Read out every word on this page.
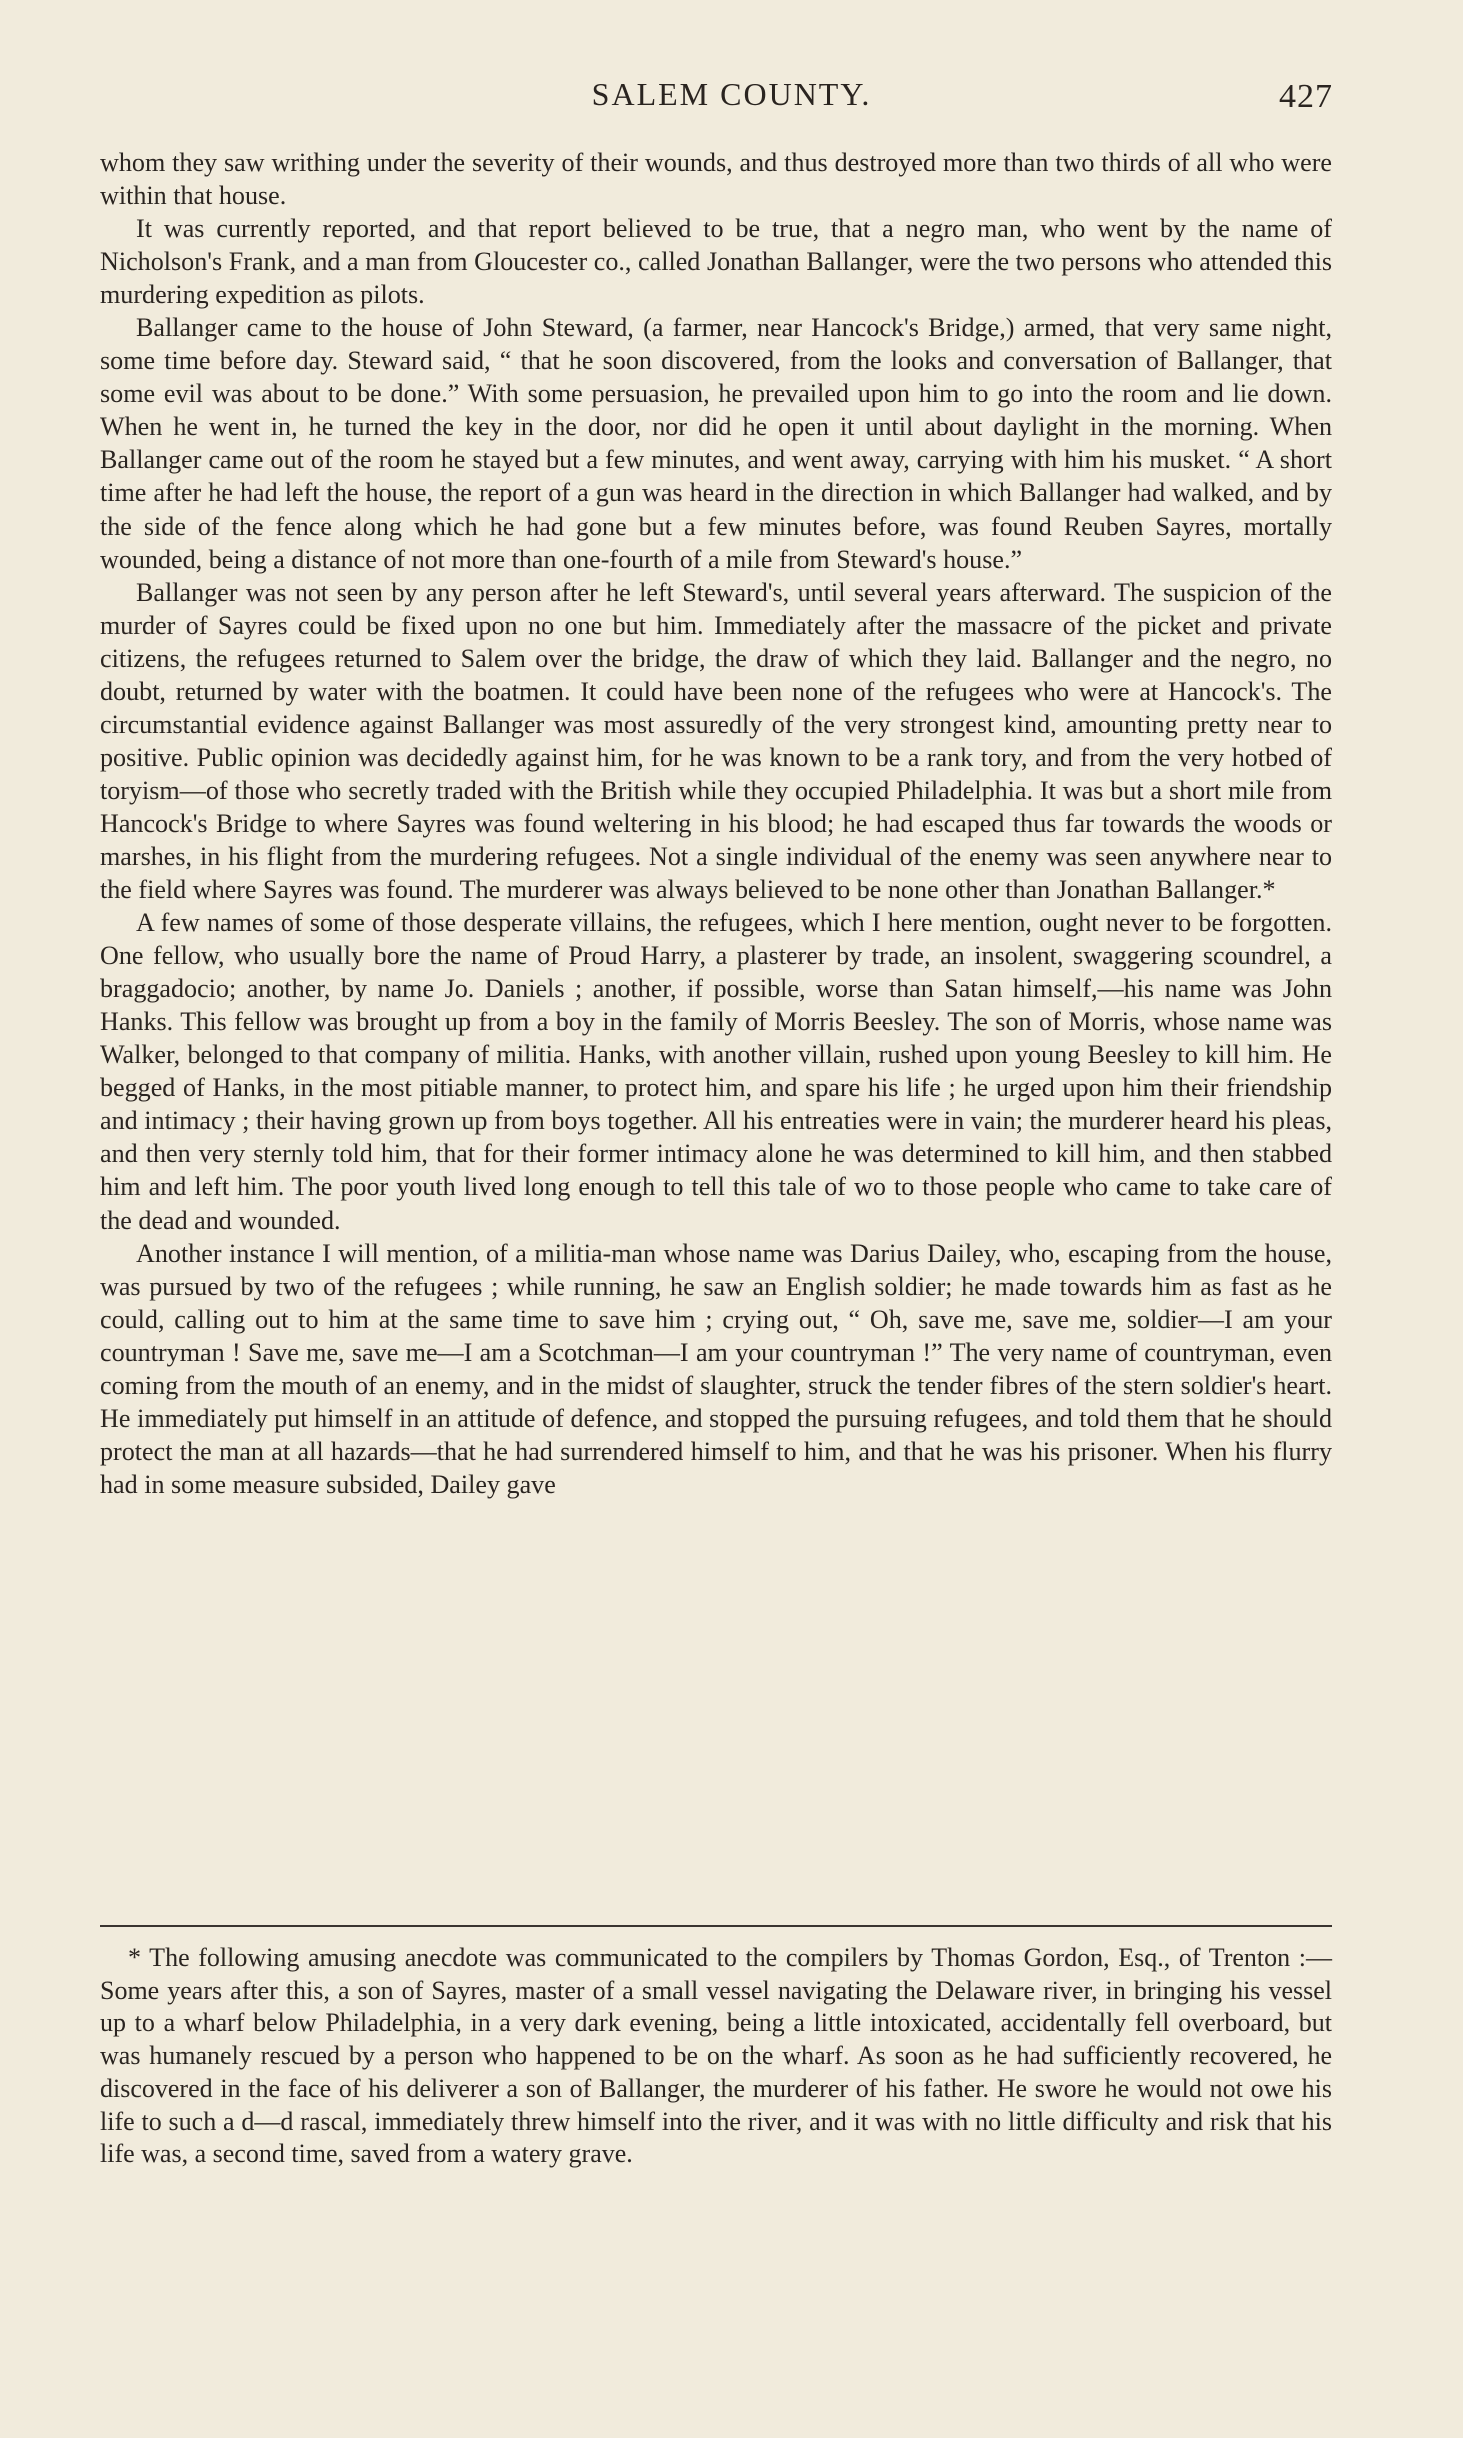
SALEM COUNTY.	427

whom they saw writhing under the severity of their wounds, and thus destroyed more than two thirds of all who were within that house.

It was currently reported, and that report believed to be true, that a negro man, who went by the name of Nicholson's Frank, and a man from Gloucester co., called Jonathan Ballanger, were the two persons who attended this murdering expedition as pilots.

Ballanger came to the house of John Steward, (a farmer, near Hancock's Bridge,) armed, that very same night, some time before day. Steward said, “ that he soon discovered, from the looks and conversation of Ballanger, that some evil was about to be done.” With some persuasion, he prevailed upon him to go into the room and lie down. When he went in, he turned the key in the door, nor did he open it until about daylight in the morning. When Ballanger came out of the room he stayed but a few minutes, and went away, carrying with him his musket. “ A short time after he had left the house, the report of a gun was heard in the direction in which Ballanger had walked, and by the side of the fence along which he had gone but a few minutes before, was found Reuben Sayres, mortally wounded, being a distance of not more than one-fourth of a mile from Steward's house.”

Ballanger was not seen by any person after he left Steward's, until several years afterward. The suspicion of the murder of Sayres could be fixed upon no one but him. Immediately after the massacre of the picket and private citizens, the refugees returned to Salem over the bridge, the draw of which they laid. Ballanger and the negro, no doubt, returned by water with the boatmen. It could have been none of the refugees who were at Hancock's. The circumstantial evidence against Ballanger was most assuredly of the very strongest kind, amounting pretty near to positive. Public opinion was decidedly against him, for he was known to be a rank tory, and from the very hotbed of toryism—of those who secretly traded with the British while they occupied Philadelphia. It was but a short mile from Hancock's Bridge to where Sayres was found weltering in his blood; he had escaped thus far towards the woods or marshes, in his flight from the murdering refugees. Not a single individual of the enemy was seen anywhere near to the field where Sayres was found. The murderer was always believed to be none other than Jonathan Ballanger.*

A few names of some of those desperate villains, the refugees, which I here mention, ought never to be forgotten. One fellow, who usually bore the name of Proud Harry, a plasterer by trade, an insolent, swaggering scoundrel, a braggadocio; another, by name Jo. Daniels ; another, if possible, worse than Satan himself,—his name was John Hanks. This fellow was brought up from a boy in the family of Morris Beesley. The son of Morris, whose name was Walker, belonged to that company of militia. Hanks, with another villain, rushed upon young Beesley to kill him. He begged of Hanks, in the most pitiable manner, to protect him, and spare his life ; he urged upon him their friendship and intimacy ; their having grown up from boys together. All his entreaties were in vain; the murderer heard his pleas, and then very sternly told him, that for their former intimacy alone he was determined to kill him, and then stabbed him and left him. The poor youth lived long enough to tell this tale of wo to those people who came to take care of the dead and wounded.

Another instance I will mention, of a militia-man whose name was Darius Dailey, who, escaping from the house, was pursued by two of the refugees ; while running, he saw an English soldier; he made towards him as fast as he could, calling out to him at the same time to save him ; crying out, “ Oh, save me, save me, soldier—I am your countryman ! Save me, save me—I am a Scotchman—I am your countryman !” The very name of countryman, even coming from the mouth of an enemy, and in the midst of slaughter, struck the tender fibres of the stern soldier's heart. He immediately put himself in an attitude of defence, and stopped the pursuing refugees, and told them that he should protect the man at all hazards—that he had surrendered himself to him, and that he was his prisoner. When his flurry had in some measure subsided, Dailey gave

* The following amusing anecdote was communicated to the compilers by Thomas Gordon, Esq., of Trenton :—Some years after this, a son of Sayres, master of a small vessel navigating the Delaware river, in bringing his vessel up to a wharf below Philadelphia, in a very dark evening, being a little intoxicated, accidentally fell overboard, but was humanely rescued by a person who happened to be on the wharf. As soon as he had sufficiently recovered, he discovered in the face of his deliverer a son of Ballanger, the murderer of his father. He swore he would not owe his life to such a d—d rascal, immediately threw himself into the river, and it was with no little difficulty and risk that his life was, a second time, saved from a watery grave.
